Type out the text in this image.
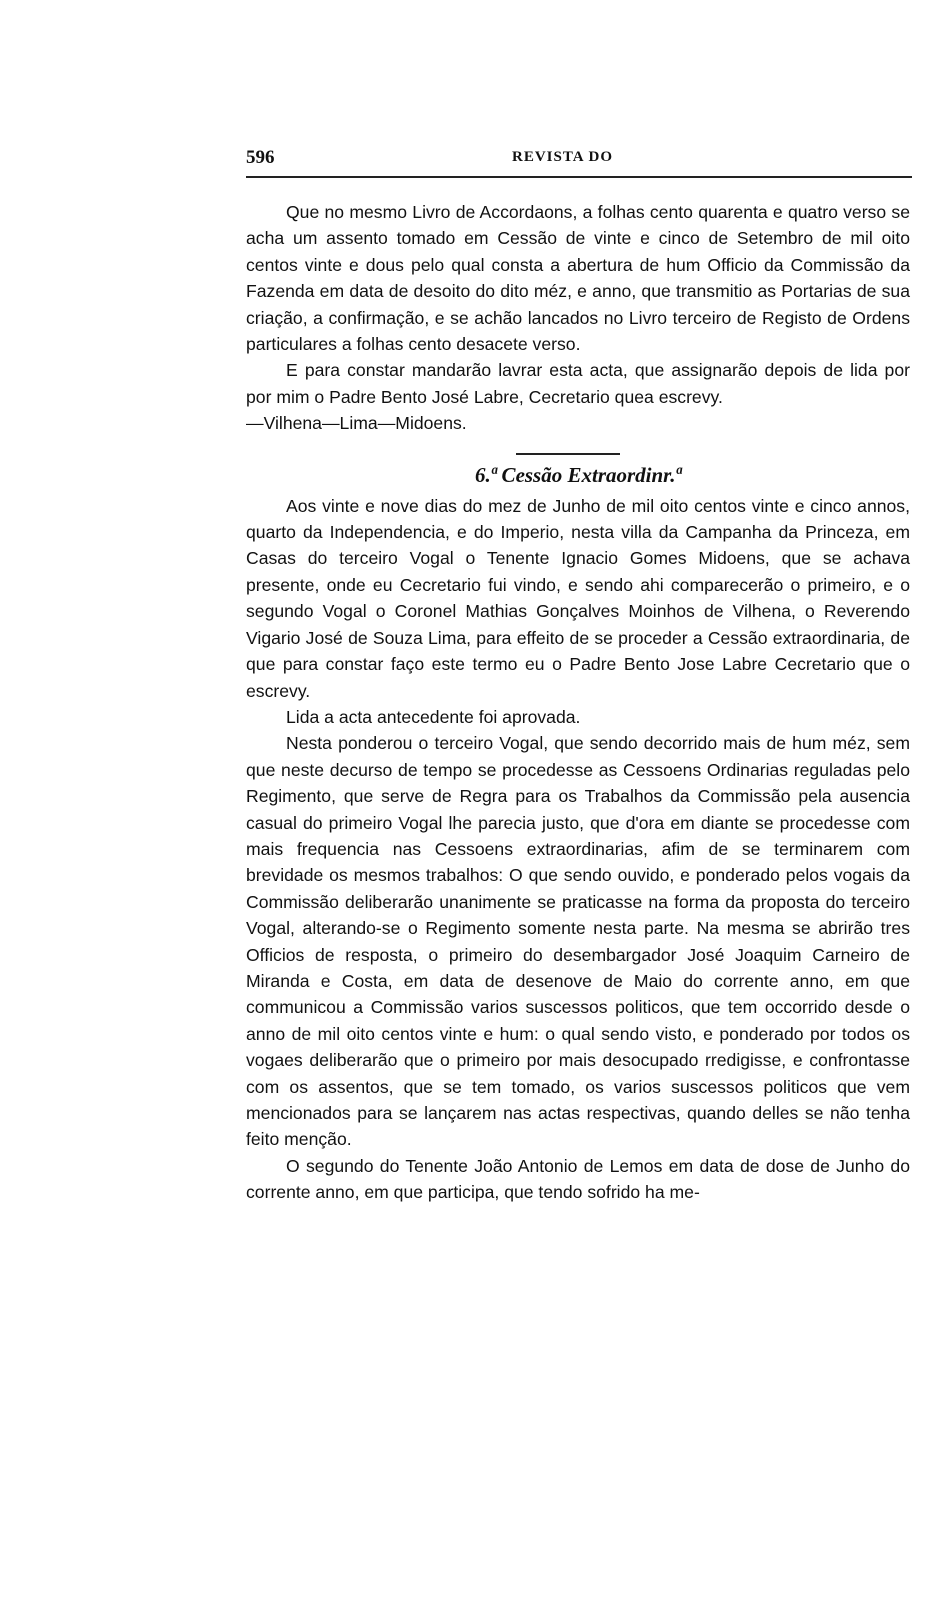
596	REVISTA DO

Que no mesmo Livro de Accordaons, a folhas cento quarenta e quatro verso se acha um assento tomado em Cessão de vinte e cinco de Setembro de mil oito centos vinte e dous pelo qual consta a abertura de hum Officio da Commissão da Fazenda em data de desoito do dito méz, e anno, que transmitio as Portarias de sua criação, a confirmação, e se achão lancados no Livro terceiro de Registo de Ordens particulares a folhas cento desacete verso.

E para constar mandarão lavrar esta acta, que assignarão depois de lida por por mim o Padre Bento José Labre, Cecretario quea escrevy.

—Vilhena—Lima—Midoens.

6.ª Cessão Extraordinr.ª

Aos vinte e nove dias do mez de Junho de mil oito centos vinte e cinco annos, quarto da Independencia, e do Imperio, nesta villa da Campanha da Princeza, em Casas do terceiro Vogal o Tenente Ignacio Gomes Midoens, que se achava presente, onde eu Cecretario fui vindo, e sendo ahi comparecerão o primeiro, e o segundo Vogal o Coronel Mathias Gonçalves Moinhos de Vilhena, o Reverendo Vigario José de Souza Lima, para effeito de se proceder a Cessão extraordinaria, de que para constar faço este termo eu o Padre Bento Jose Labre Cecretario que o escrevy.

Lida a acta antecedente foi aprovada.

Nesta ponderou o terceiro Vogal, que sendo decorrido mais de hum méz, sem que neste decurso de tempo se procedesse as Cessoens Ordinarias reguladas pelo Regimento, que serve de Regra para os Trabalhos da Commissão pela ausencia casual do primeiro Vogal lhe parecia justo, que d'ora em diante se procedesse com mais frequencia nas Cessoens extraordinarias, afim de se terminarem com brevidade os mesmos trabalhos: O que sendo ouvido, e ponderado pelos vogais da Commissão deliberarão unanimente se praticasse na forma da proposta do terceiro Vogal, alterando-se o Regimento somente nesta parte. Na mesma se abrirão tres Officios de resposta, o primeiro do desembargador José Joaquim Carneiro de Miranda e Costa, em data de desenove de Maio do corrente anno, em que communicou a Commissão varios suscessos politicos, que tem occorrido desde o anno de mil oito centos vinte e hum: o qual sendo visto, e ponderado por todos os vogaes deliberarão que o primeiro por mais desocupado rredigisse, e confrontasse com os assentos, que se tem tomado, os varios suscessos politicos que vem mencionados para se lançarem nas actas respectivas, quando delles se não tenha feito menção.

O segundo do Tenente João Antonio de Lemos em data de dose de Junho do corrente anno, em que participa, que tendo sofrido ha me-
